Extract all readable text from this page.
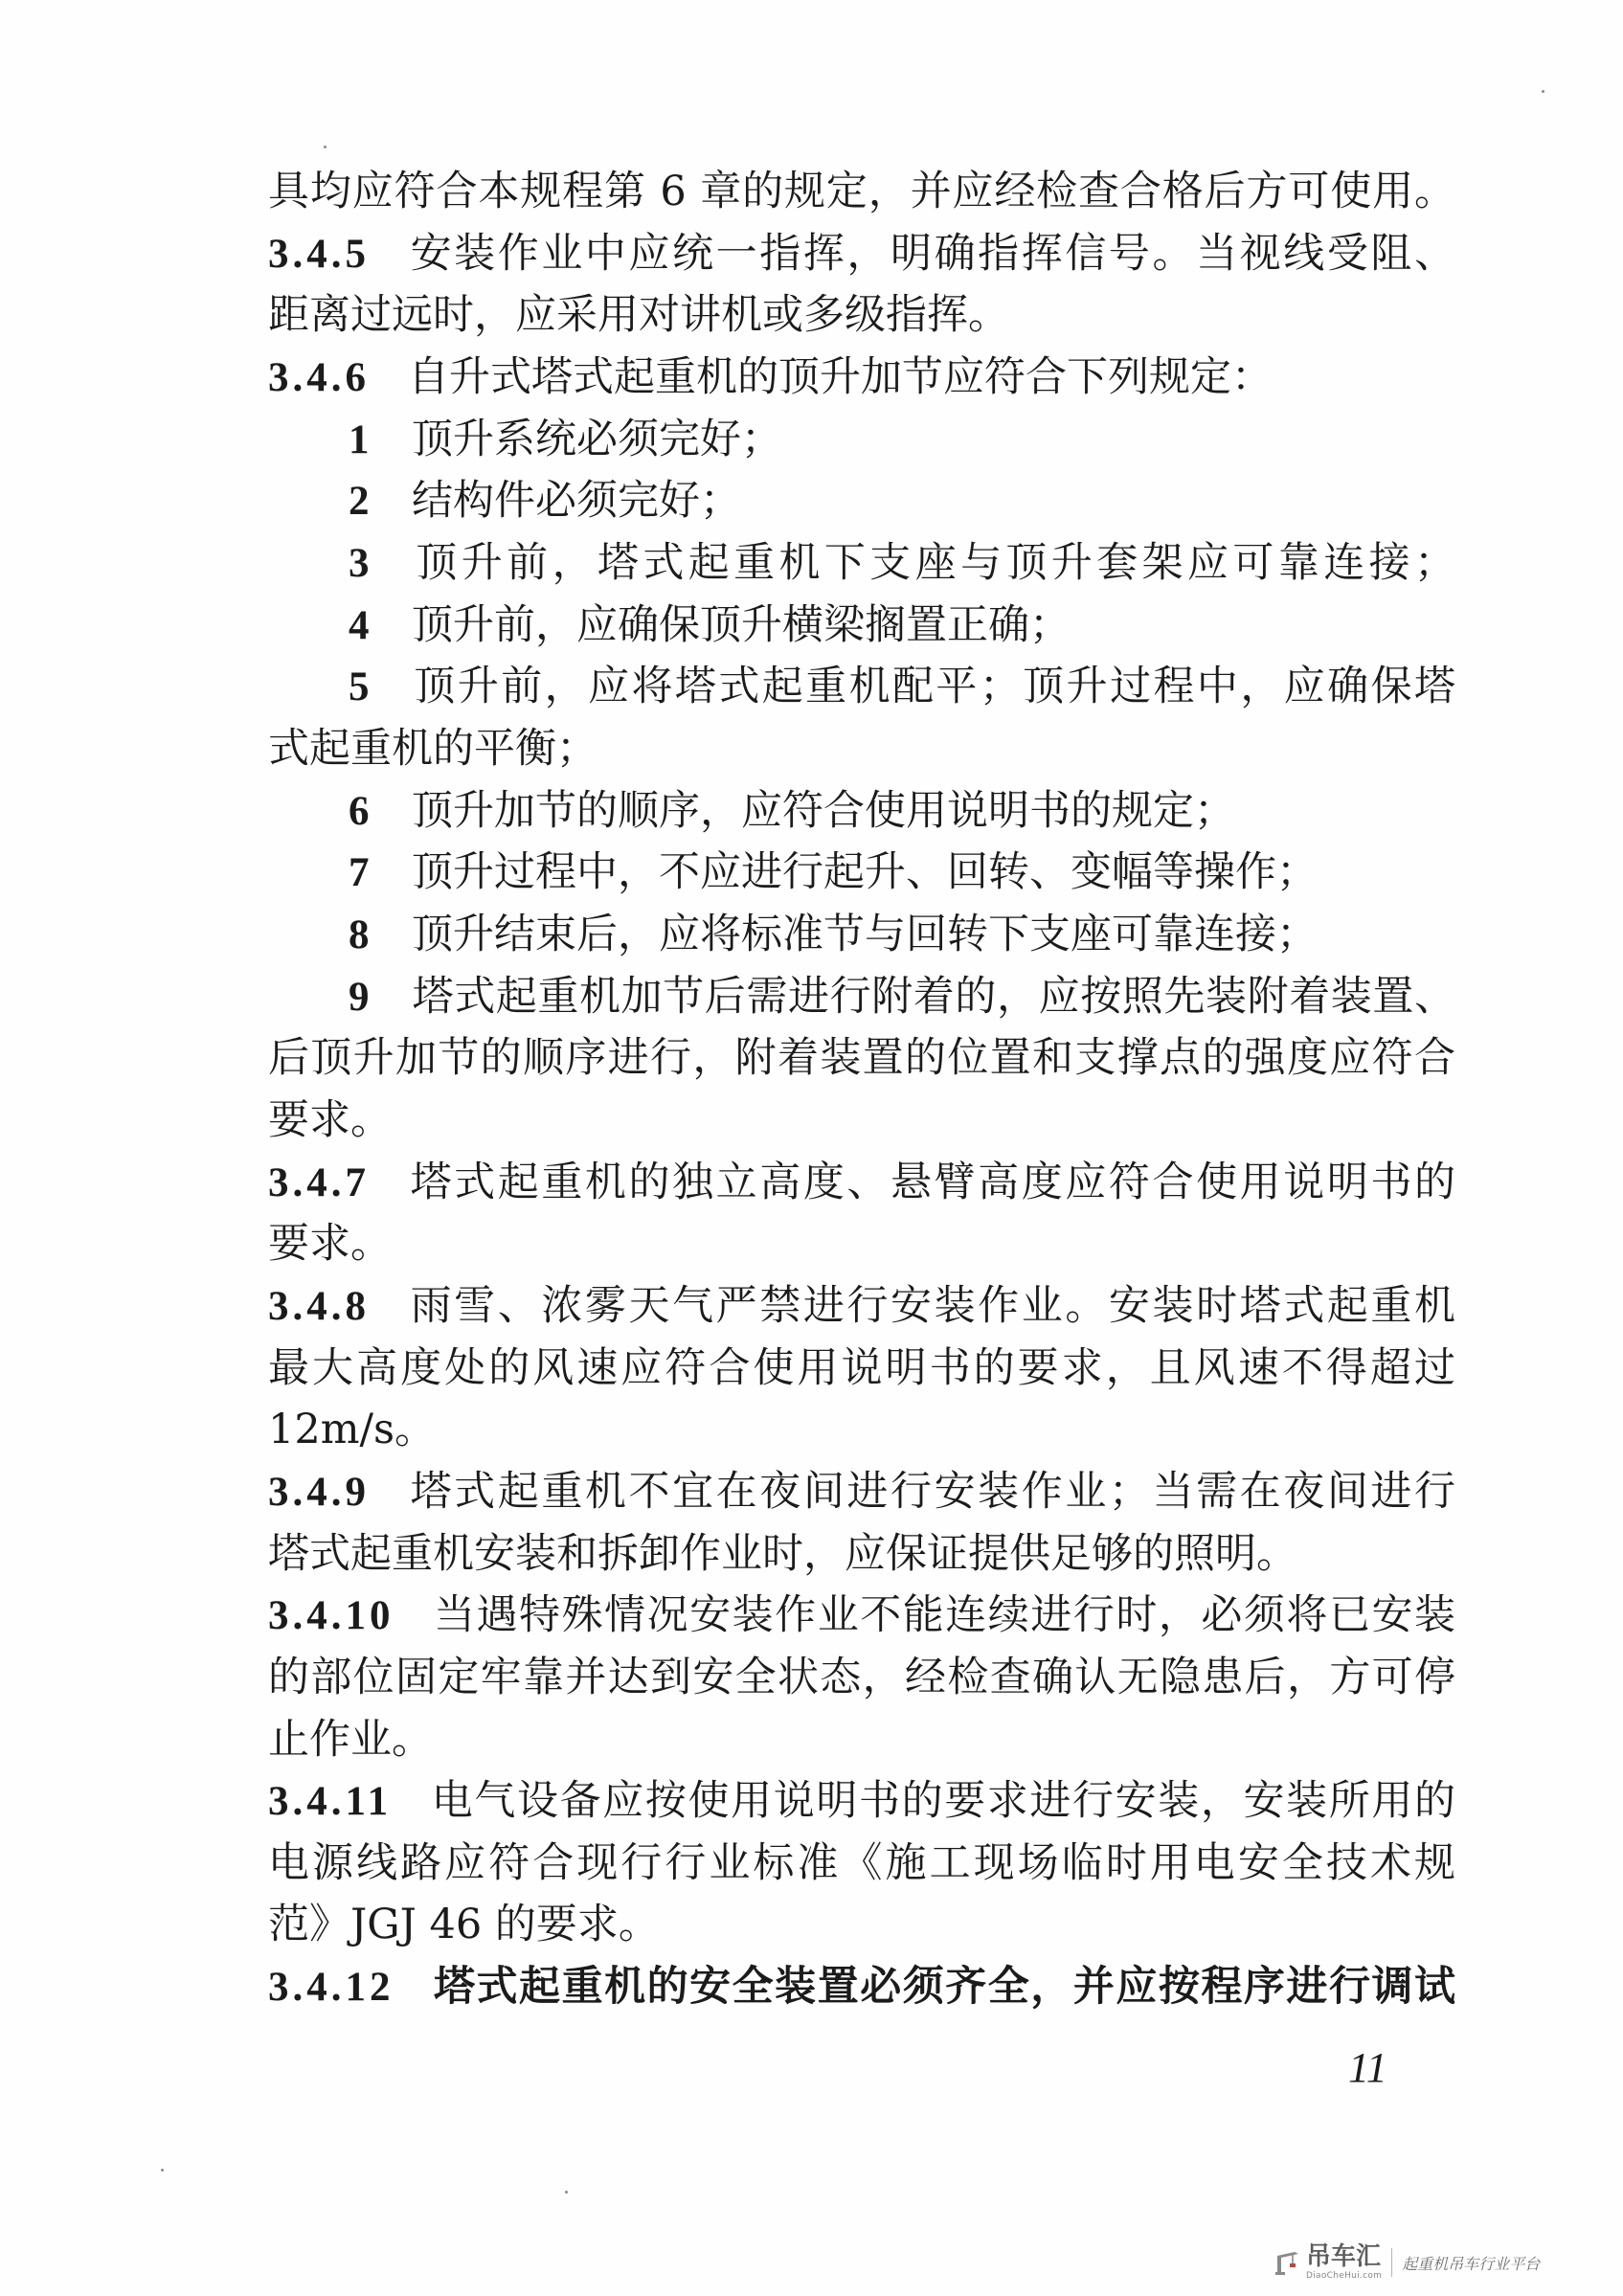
具均应符合本规程第 6 章的规定，并应经检查合格后方可使用。
3.4.5 安装作业中应统一指挥，明确指挥信号。当视线受阻、
距离过远时，应采用对讲机或多级指挥。
3.4.6 自升式塔式起重机的顶升加节应符合下列规定：
1 顶升系统必须完好；
2 结构件必须完好；
3 顶升前，塔式起重机下支座与顶升套架应可靠连接；
4 顶升前，应确保顶升横梁搁置正确；
5 顶升前，应将塔式起重机配平；顶升过程中，应确保塔
式起重机的平衡；
6 顶升加节的顺序，应符合使用说明书的规定；
7 顶升过程中，不应进行起升、回转、变幅等操作；
8 顶升结束后，应将标准节与回转下支座可靠连接；
9 塔式起重机加节后需进行附着的，应按照先装附着装置、
后顶升加节的顺序进行，附着装置的位置和支撑点的强度应符合
要求。
3.4.7 塔式起重机的独立高度、悬臂高度应符合使用说明书的
要求。
3.4.8 雨雪、浓雾天气严禁进行安装作业。安装时塔式起重机
最大高度处的风速应符合使用说明书的要求，且风速不得超过
12m/s。
3.4.9 塔式起重机不宜在夜间进行安装作业；当需在夜间进行
塔式起重机安装和拆卸作业时，应保证提供足够的照明。
3.4.10 当遇特殊情况安装作业不能连续进行时，必须将已安装
的部位固定牢靠并达到安全状态，经检查确认无隐患后，方可停
止作业。
3.4.11 电气设备应按使用说明书的要求进行安装，安装所用的
电源线路应符合现行行业标准《施工现场临时用电安全技术规
范》JGJ 46 的要求。
3.4.12 塔式起重机的安全装置必须齐全，并应按程序进行调试
11
吊车汇
DiaoCheHui.com
起重机吊车行业平台
